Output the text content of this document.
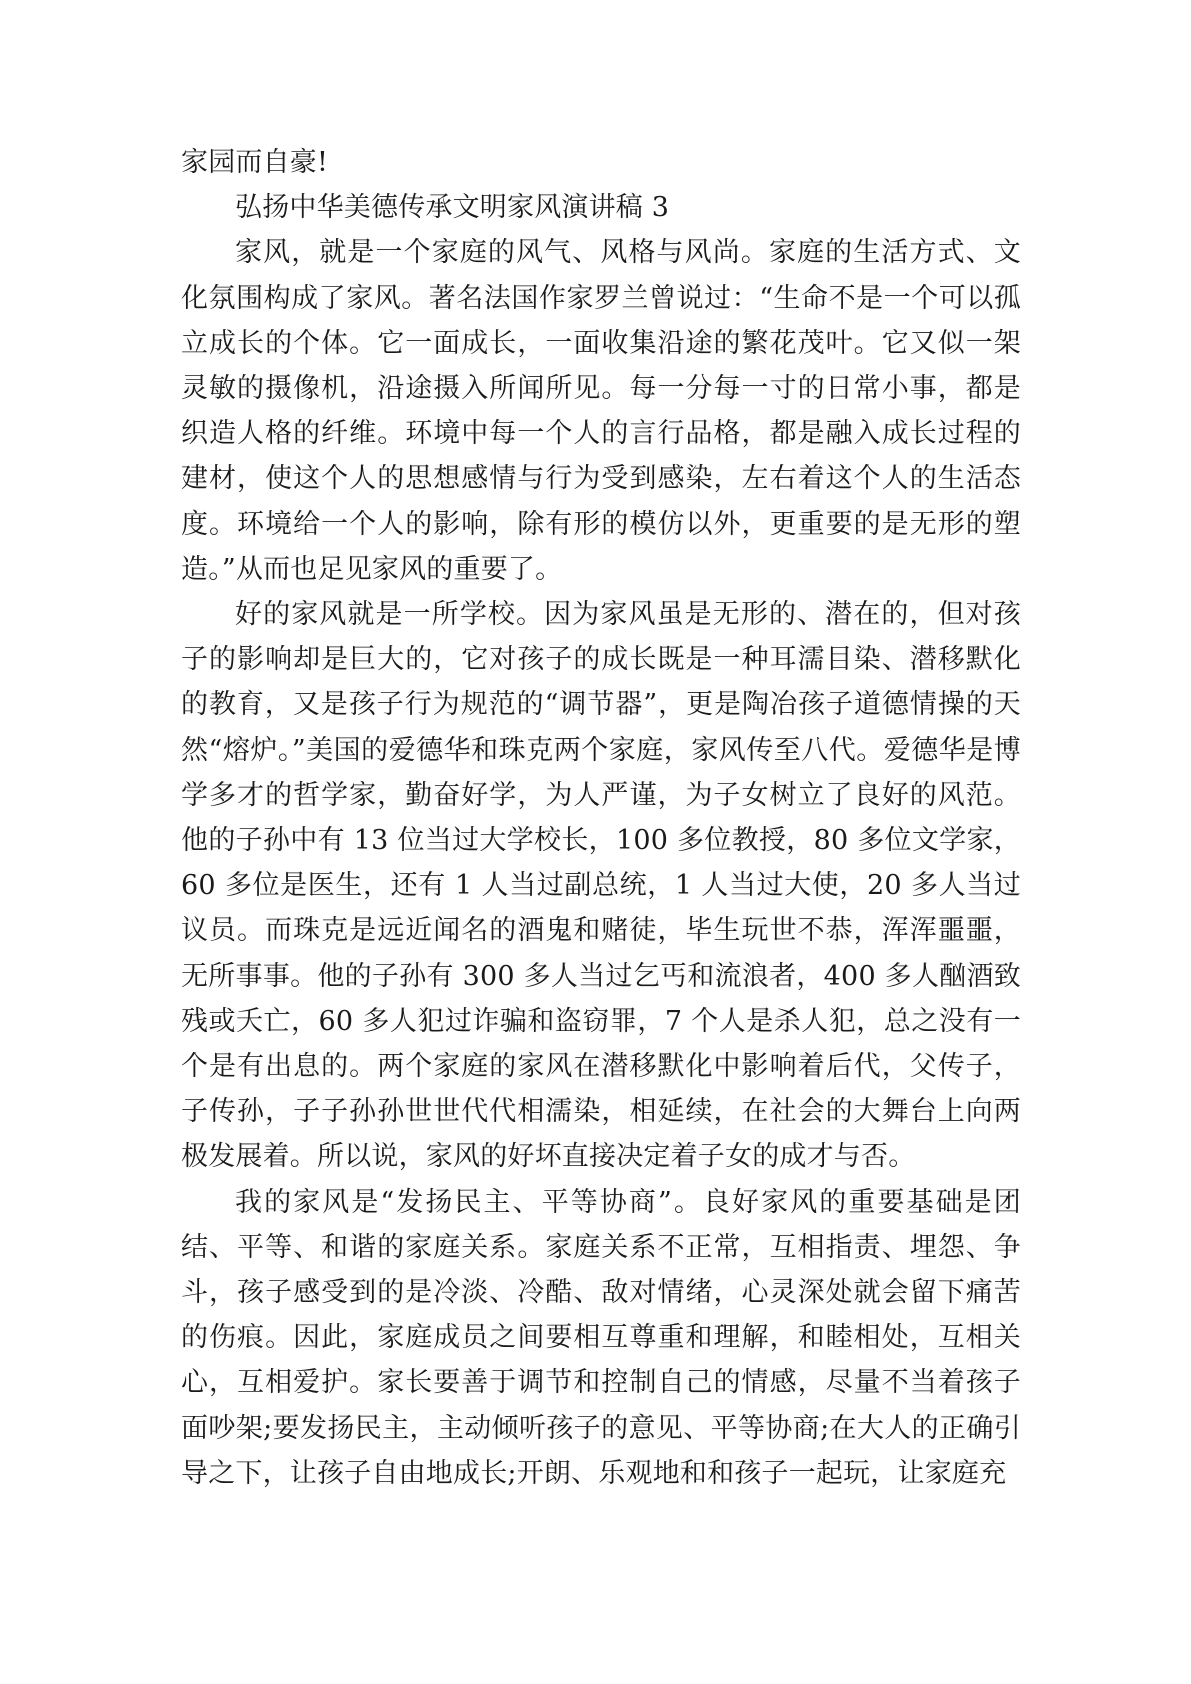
家园而自豪!

弘扬中华美德传承文明家风演讲稿 3

家风，就是一个家庭的风气、风格与风尚。家庭的生活方式、文化氛围构成了家风。著名法国作家罗兰曾说过：“生命不是一个可以孤立成长的个体。它一面成长，一面收集沿途的繁花茂叶。它又似一架灵敏的摄像机，沿途摄入所闻所见。每一分每一寸的日常小事，都是织造人格的纤维。环境中每一个人的言行品格，都是融入成长过程的建材，使这个人的思想感情与行为受到感染，左右着这个人的生活态度。环境给一个人的影响，除有形的模仿以外，更重要的是无形的塑造。”从而也足见家风的重要了。

好的家风就是一所学校。因为家风虽是无形的、潜在的，但对孩子的影响却是巨大的，它对孩子的成长既是一种耳濡目染、潜移默化的教育，又是孩子行为规范的“调节器”，更是陶冶孩子道德情操的天然“熔炉。”美国的爱德华和珠克两个家庭，家风传至八代。爱德华是博学多才的哲学家，勤奋好学，为人严谨，为子女树立了良好的风范。他的子孙中有 13 位当过大学校长，100 多位教授，80 多位文学家，60 多位是医生，还有 1 人当过副总统，1 人当过大使，20 多人当过议员。而珠克是远近闻名的酒鬼和赌徒，毕生玩世不恭，浑浑噩噩，无所事事。他的子孙有 300 多人当过乞丐和流浪者，400 多人酗酒致残或夭亡，60 多人犯过诈骗和盗窃罪，7 个人是杀人犯，总之没有一个是有出息的。两个家庭的家风在潜移默化中影响着后代，父传子，子传孙，子子孙孙世世代代相濡染，相延续，在社会的大舞台上向两极发展着。所以说，家风的好坏直接决定着子女的成才与否。

我的家风是“发扬民主、平等协商”。良好家风的重要基础是团结、平等、和谐的家庭关系。家庭关系不正常，互相指责、埋怨、争斗，孩子感受到的是冷淡、冷酷、敌对情绪，心灵深处就会留下痛苦的伤痕。因此，家庭成员之间要相互尊重和理解，和睦相处，互相关心，互相爱护。家长要善于调节和控制自己的情感，尽量不当着孩子面吵架;要发扬民主，主动倾听孩子的意见、平等协商;在大人的正确引导之下，让孩子自由地成长;开朗、乐观地和和孩子一起玩，让家庭充
